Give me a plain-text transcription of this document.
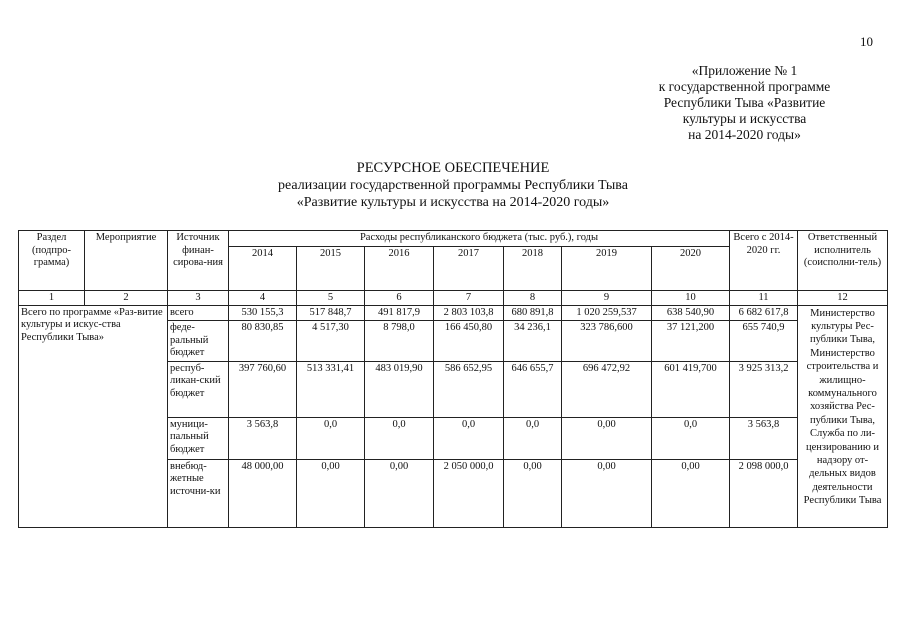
10
«Приложение № 1
к государственной программе
Республики Тыва «Развитие
культуры и искусства
на 2014-2020 годы»
РЕСУРСНОЕ ОБЕСПЕЧЕНИЕ
реализации государственной программы Республики Тыва
«Развитие культуры и искусства на 2014-2020 годы»
Раздел (подпро-грамма)	Мероприятие	Источник финан-сирова-ния	Расходы республиканского бюджета (тыс. руб.), годы							Всего с 2014-2020 гг.	Ответственный исполнитель (соисполни-тель)
			2014	2015	2016	2017	2018	2019	2020		
1	2	3	4	5	6	7	8	9	10	11	12
Всего по программе «Раз-витие культуры и искус-ства Республики Тыва»		всего	530 155,3	517 848,7	491 817,9	2 803 103,8	680 891,8	1 020 259,537	638 540,90	6 682 617,8	Министерство культуры Рес-публики Тыва, Министерство строительства и жилищно-коммунального хозяйства Рес-публики Тыва, Служба по ли-цензированию и надзору от-дельных видов деятельности Республики Тыва
		феде-ральный бюджет	80 830,85	4 517,30	8 798,0	166 450,80	34 236,1	323 786,600	37 121,200	655 740,9	
		респуб-ликан-ский бюджет	397 760,60	513 331,41	483 019,90	586 652,95	646 655,7	696 472,92	601 419,700	3 925 313,2	
		муници-пальный бюджет	3 563,8	0,0	0,0	0,0	0,0	0,00	0,0	3 563,8	
		внебюд-жетные источни-ки	48 000,00	0,00	0,00	2 050 000,0	0,00	0,00	0,00	2 098 000,0	
